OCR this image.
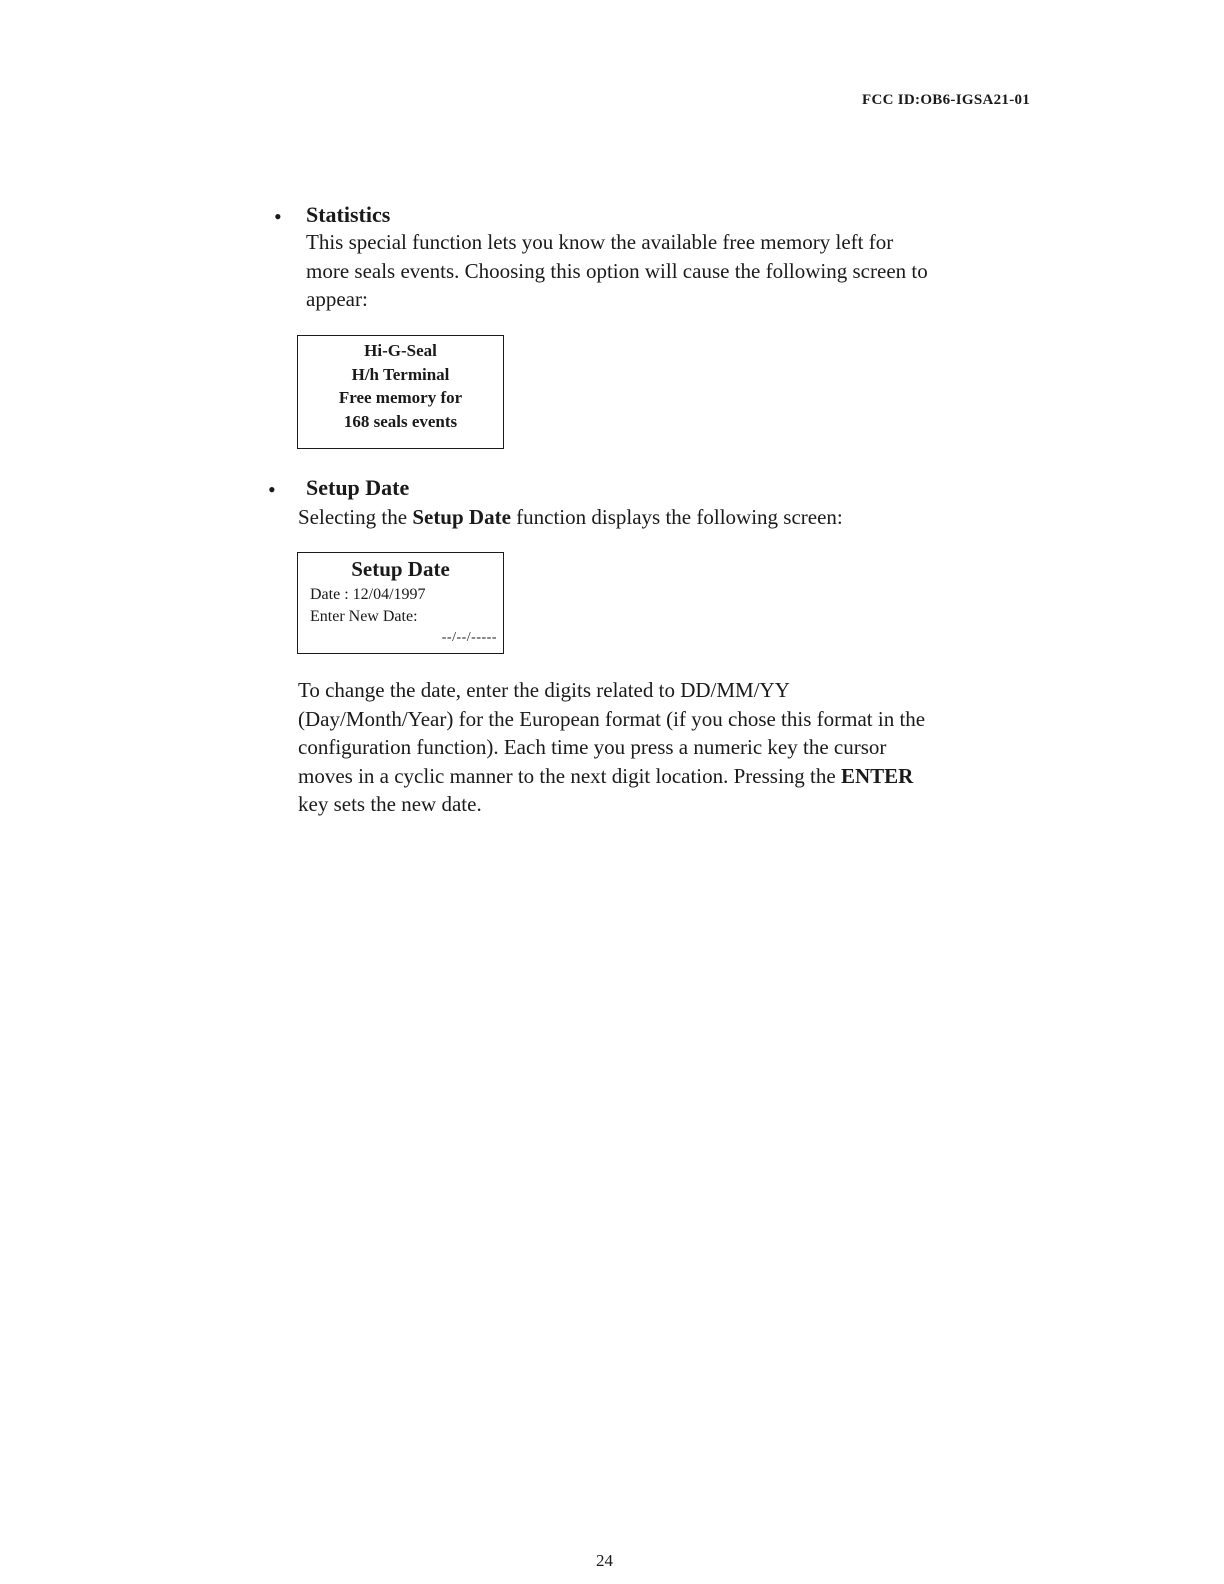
FCC ID:OB6-IGSA21-01
• Statistics

This special function lets you know the available free memory left for
more seals events. Choosing this option will cause the following screen to
appear:

Hi-G-Seal
H/h Terminal
Free memory for
168 seals events
• Setup Date

Selecting the Setup Date function displays the following screen:

Setup Date
Date : 12/04/1997
Enter New Date:
--/--/-----

To change the date, enter the digits related to DD/MM/YY
(Day/Month/Year) for the European format (if you chose this format in the
configuration function). Each time you press a numeric key the cursor
moves in a cyclic manner to the next digit location. Pressing the ENTER
key sets the new date.

24
